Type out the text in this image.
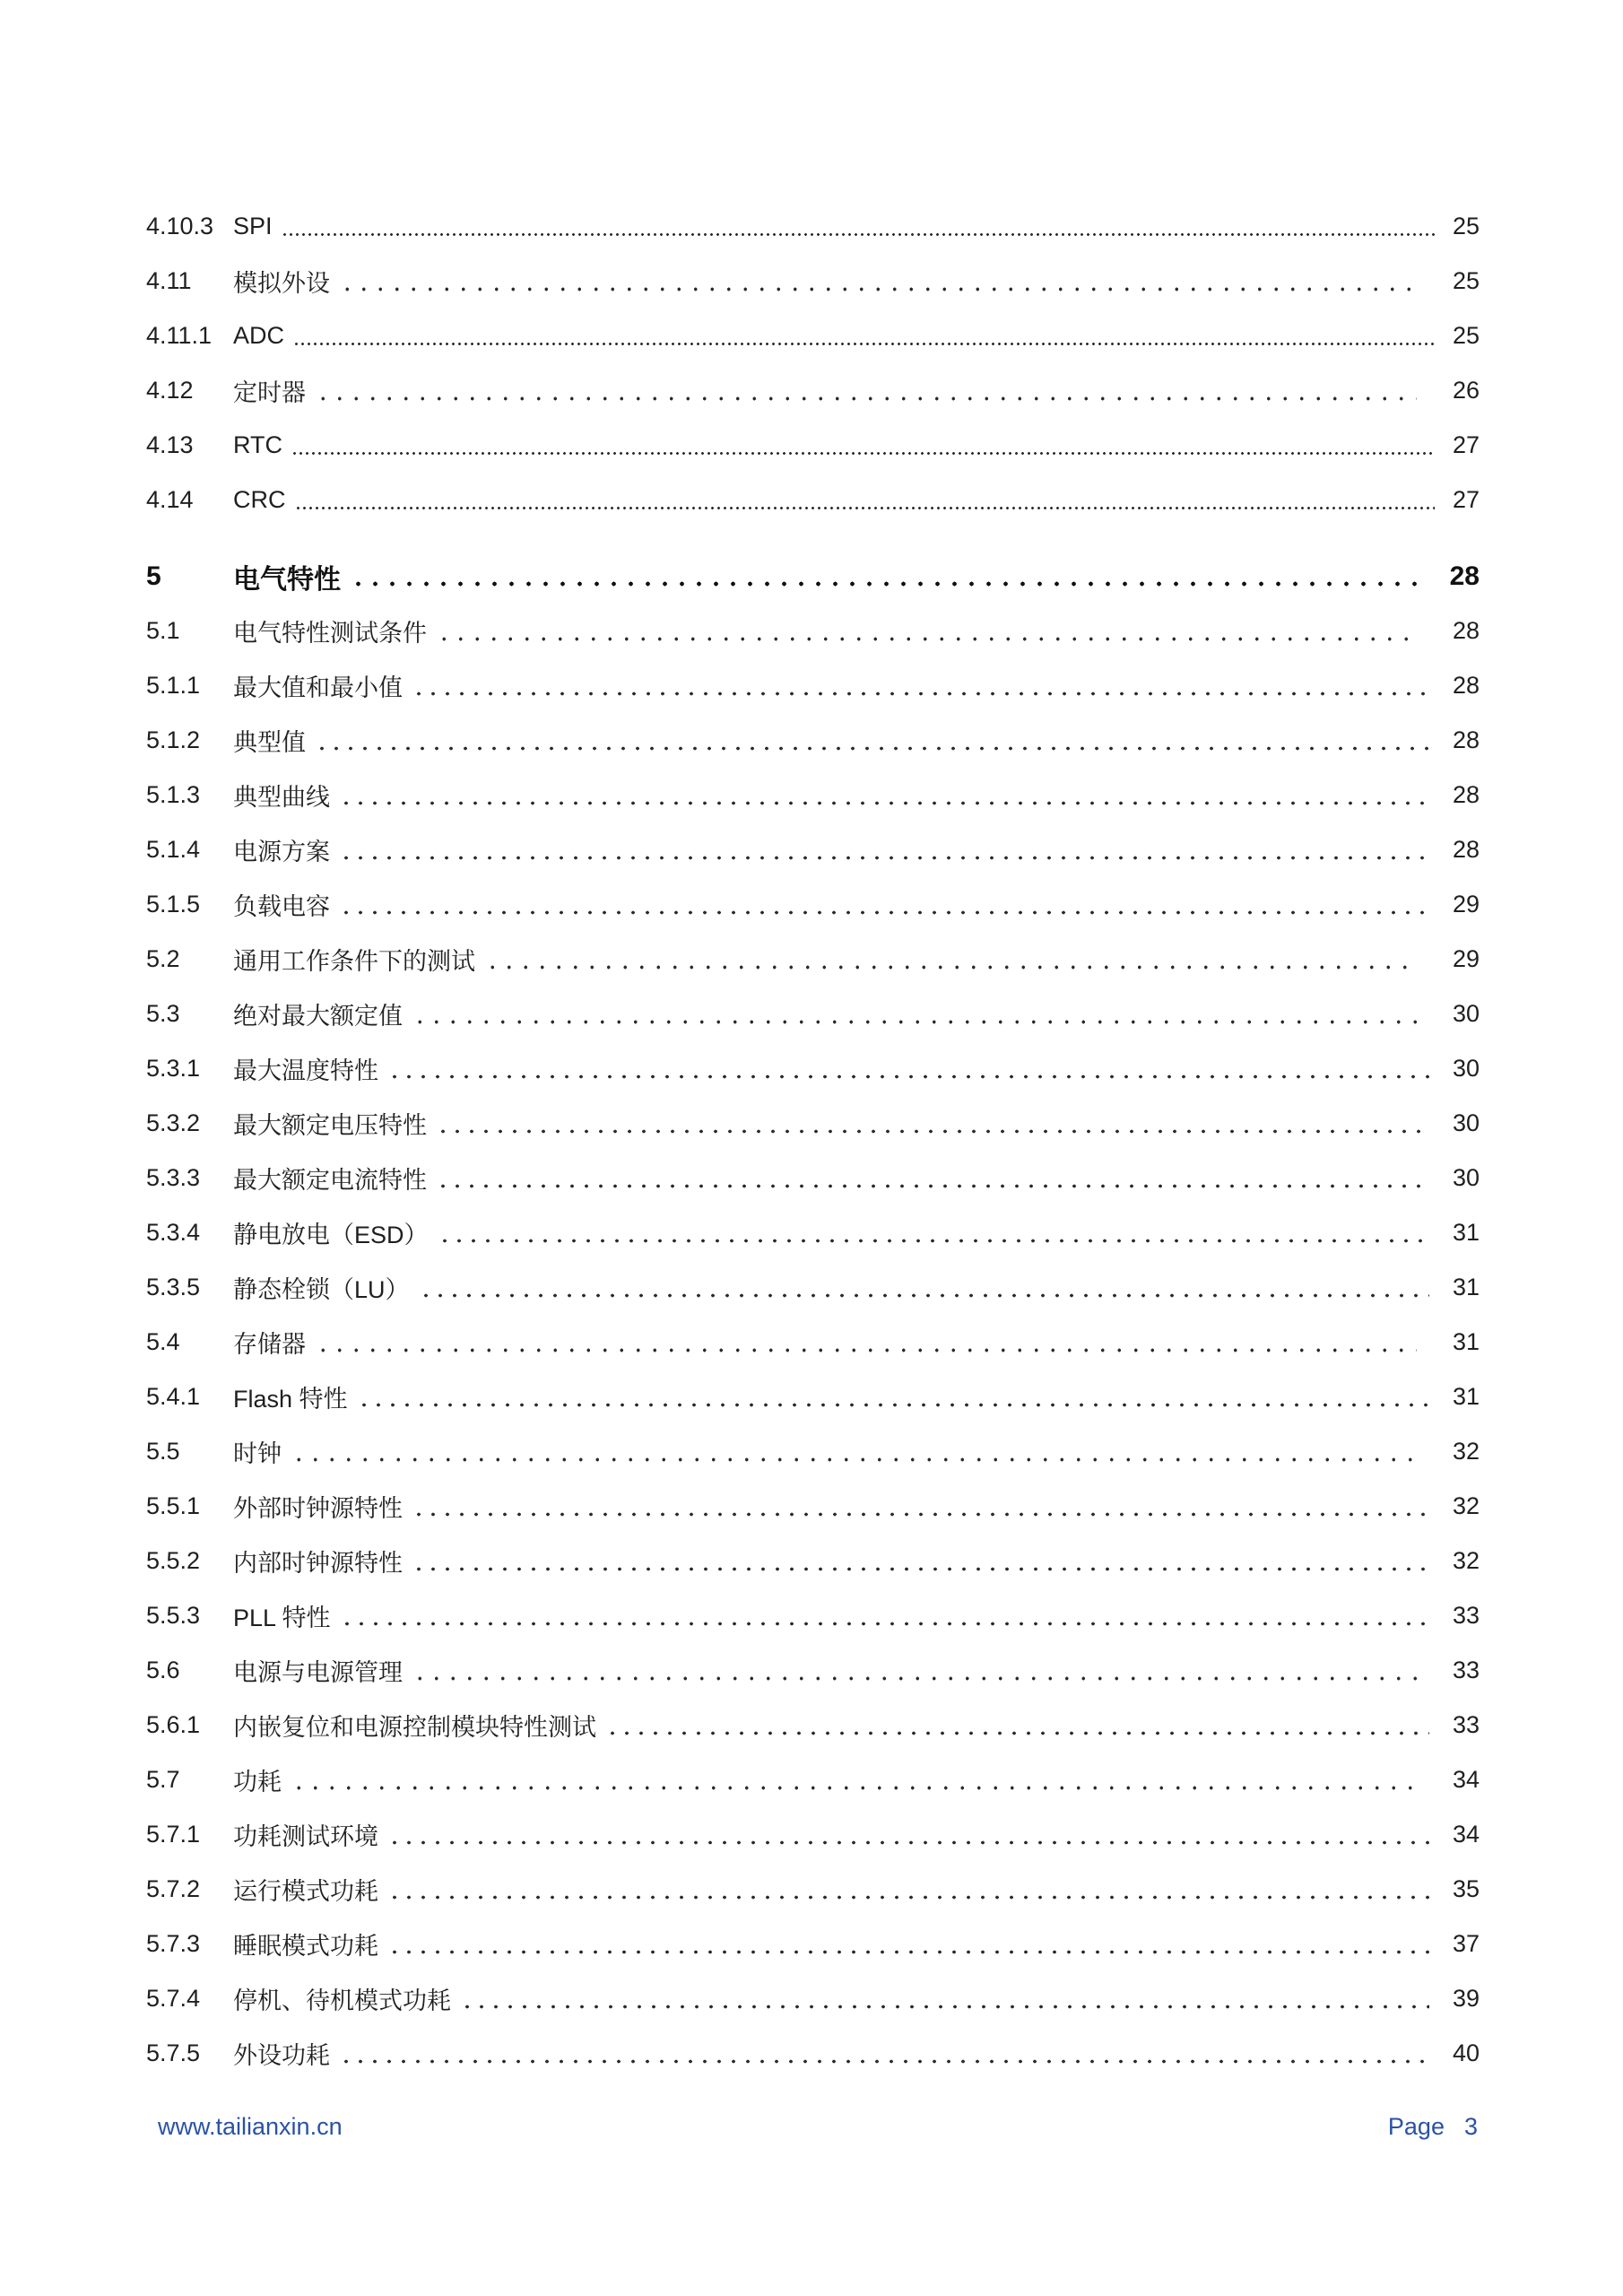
4.10.3 SPI	25
4.11	模拟外设	25
4.11.1 ADC	25
4.12	定时器	26
4.13	RTC	27
4.14	CRC	27
5	电气特性	28
5.1	电气特性测试条件	28
5.1.1	最大值和最小值	28
5.1.2	典型值	28
5.1.3	典型曲线	28
5.1.4	电源方案	28
5.1.5	负载电容	29
5.2	通用工作条件下的测试	29
5.3	绝对最大额定值	30
5.3.1	最大温度特性	30
5.3.2	最大额定电压特性	30
5.3.3	最大额定电流特性	30
5.3.4	静电放电（ESD）	31
5.3.5	静态栓锁（LU）	31
5.4	存储器	31
5.4.1	Flash 特性	31
5.5	时钟	32
5.5.1	外部时钟源特性	32
5.5.2	内部时钟源特性	32
5.5.3	PLL 特性	33
5.6	电源与电源管理	33
5.6.1	内嵌复位和电源控制模块特性测试	33
5.7	功耗	34
5.7.1	功耗测试环境	34
5.7.2	运行模式功耗	35
5.7.3	睡眠模式功耗	37
5.7.4	停机、待机模式功耗	39
5.7.5	外设功耗	40
www.tailianxin.cn	Page 3
